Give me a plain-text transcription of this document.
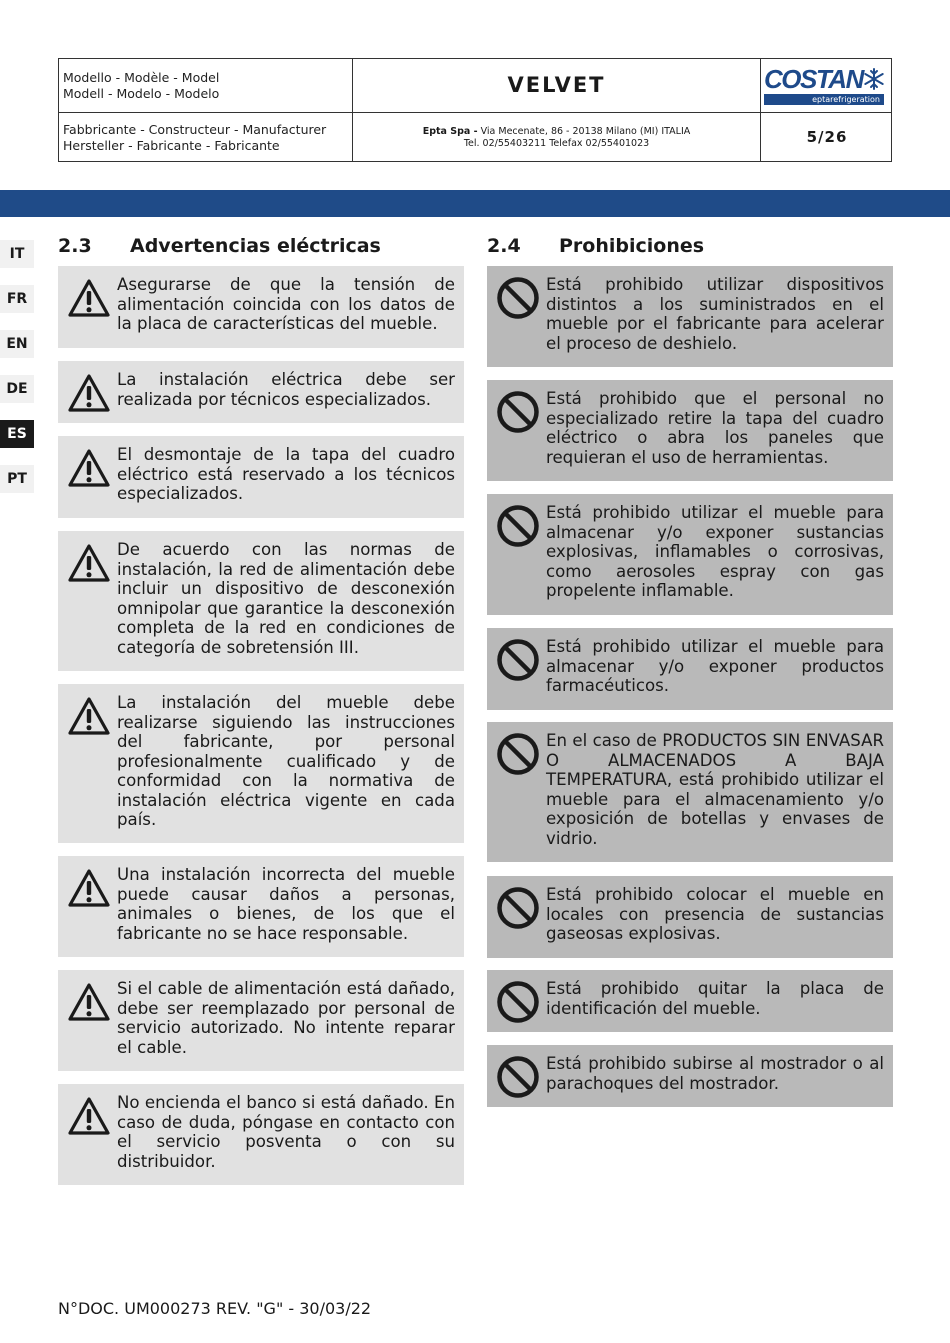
Modello - Modèle - Model
Modell - Modelo - Modelo	VELVET	COSTAN
eptarefrigeration
Fabbricante - Constructeur - Manufacturer
Hersteller - Fabricante - Fabricante
Epta Spa - Via Mecenate, 86 - 20138 Milano (MI) ITALIA
Tel. 02/55403211 Telefax 02/55401023	5/26
IT
FR
EN
DE
ES
PT
2.3 Advertencias eléctricas	2.4 Prohibiciones
Asegurarse de que la tensión de alimentación coincida con los datos de la placa de características del mueble.
La instalación eléctrica debe ser realizada por técnicos especializados.
El desmontaje de la tapa del cuadro eléctrico está reservado a los técnicos especializados.
De acuerdo con las normas de instalación, la red de alimentación debe incluir un dispositivo de desconexión omnipolar que garantice la desconexión completa de la red en condiciones de categoría de sobretensión III.
La instalación del mueble debe realizarse siguiendo las instrucciones del fabricante, por personal profesionalmente cualificado y de conformidad con la normativa de instalación eléctrica vigente en cada país.
Una instalación incorrecta del mueble puede causar daños a personas, animales o bienes, de los que el fabricante no se hace responsable.
Si el cable de alimentación está dañado, debe ser reemplazado por personal de servicio autorizado. No intente reparar el cable.
No encienda el banco si está dañado. En caso de duda, póngase en contacto con el servicio posventa o con su distribuidor.
Está prohibido utilizar dispositivos distintos a los suministrados en el mueble por el fabricante para acelerar el proceso de deshielo.
Está prohibido que el personal no especializado retire la tapa del cuadro eléctrico o abra los paneles que requieran el uso de herramientas.
Está prohibido utilizar el mueble para almacenar y/o exponer sustancias explosivas, inflamables o corrosivas, como aerosoles espray con gas propelente inflamable.
Está prohibido utilizar el mueble para almacenar y/o exponer productos farmacéuticos.
En el caso de PRODUCTOS SIN ENVASAR O ALMACENADOS A BAJA TEMPERATURA, está prohibido utilizar el mueble para el almacenamiento y/o exposición de botellas y envases de vidrio.
Está prohibido colocar el mueble en locales con presencia de sustancias gaseosas explosivas.
Está prohibido quitar la placa de identificación del mueble.
Está prohibido subirse al mostrador o al parachoques del mostrador.
N°DOC. UM000273 REV. "G" - 30/03/22
